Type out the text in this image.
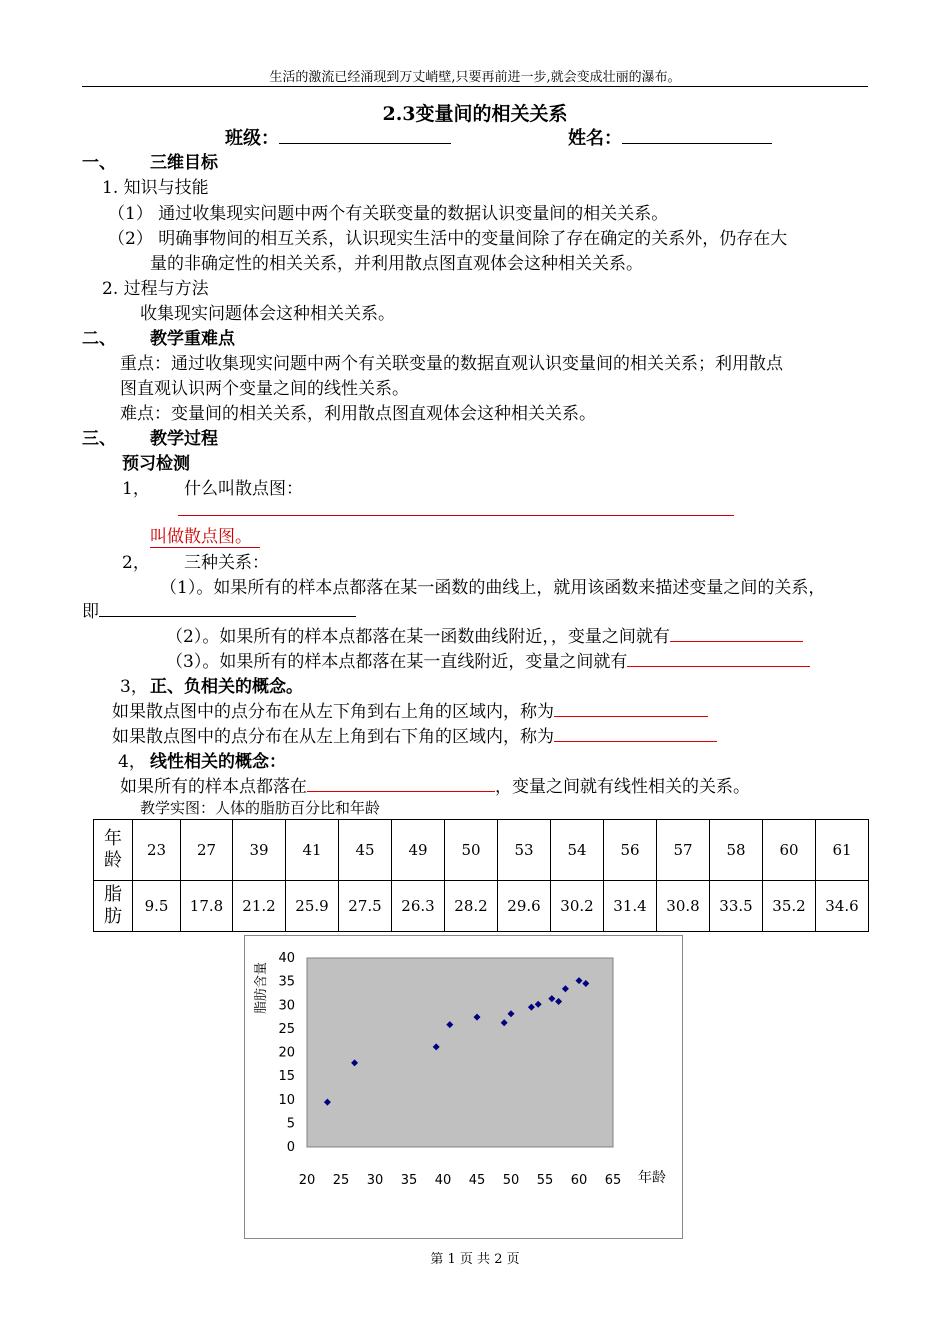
生活的激流已经涌现到万丈峭壁,只要再前进一步,就会变成壮丽的瀑布。
2.3变量间的相关关系
班级：	姓名：
一、 三维目标
1. 知识与技能
（1） 通过收集现实问题中两个有关联变量的数据认识变量间的相关关系。
（2） 明确事物间的相互关系，认识现实生活中的变量间除了存在确定的关系外，仍存在大
量的非确定性的相关关系，并利用散点图直观体会这种相关关系。
2. 过程与方法
收集现实问题体会这种相关关系。
二、 教学重难点
重点：通过收集现实问题中两个有关联变量的数据直观认识变量间的相关关系；利用散点
图直观认识两个变量之间的线性关系。
难点：变量间的相关关系，利用散点图直观体会这种相关关系。
三、 教学过程
预习检测
1， 什么叫散点图：
叫做散点图。
2， 三种关系：
（1）。如果所有的样本点都落在某一函数的曲线上，就用该函数来描述变量之间的关系，
即
（2）。如果所有的样本点都落在某一函数曲线附近，，变量之间就有
（3）。如果所有的样本点都落在某一直线附近，变量之间就有
3， 正、负相关的概念。
如果散点图中的点分布在从左下角到右上角的区域内，称为
如果散点图中的点分布在从左上角到右下角的区域内，称为
4， 线性相关的概念：
如果所有的样本点都落在	，变量之间就有线性相关的关系。
教学实图：人体的脂肪百分比和年龄
年龄	23	27	39	41	45	49	50	53	54	56	57	58	60	61
脂肪	9.5	17.8	21.2	25.9	27.5	26.3	28.2	29.6	30.2	31.4	30.8	33.5	35.2	34.6
0
5
10
15
20
25
30
35
40
20 25 30 35 40 45 50 55 60 65 年龄
脂肪含量
第 1 页 共 2 页
